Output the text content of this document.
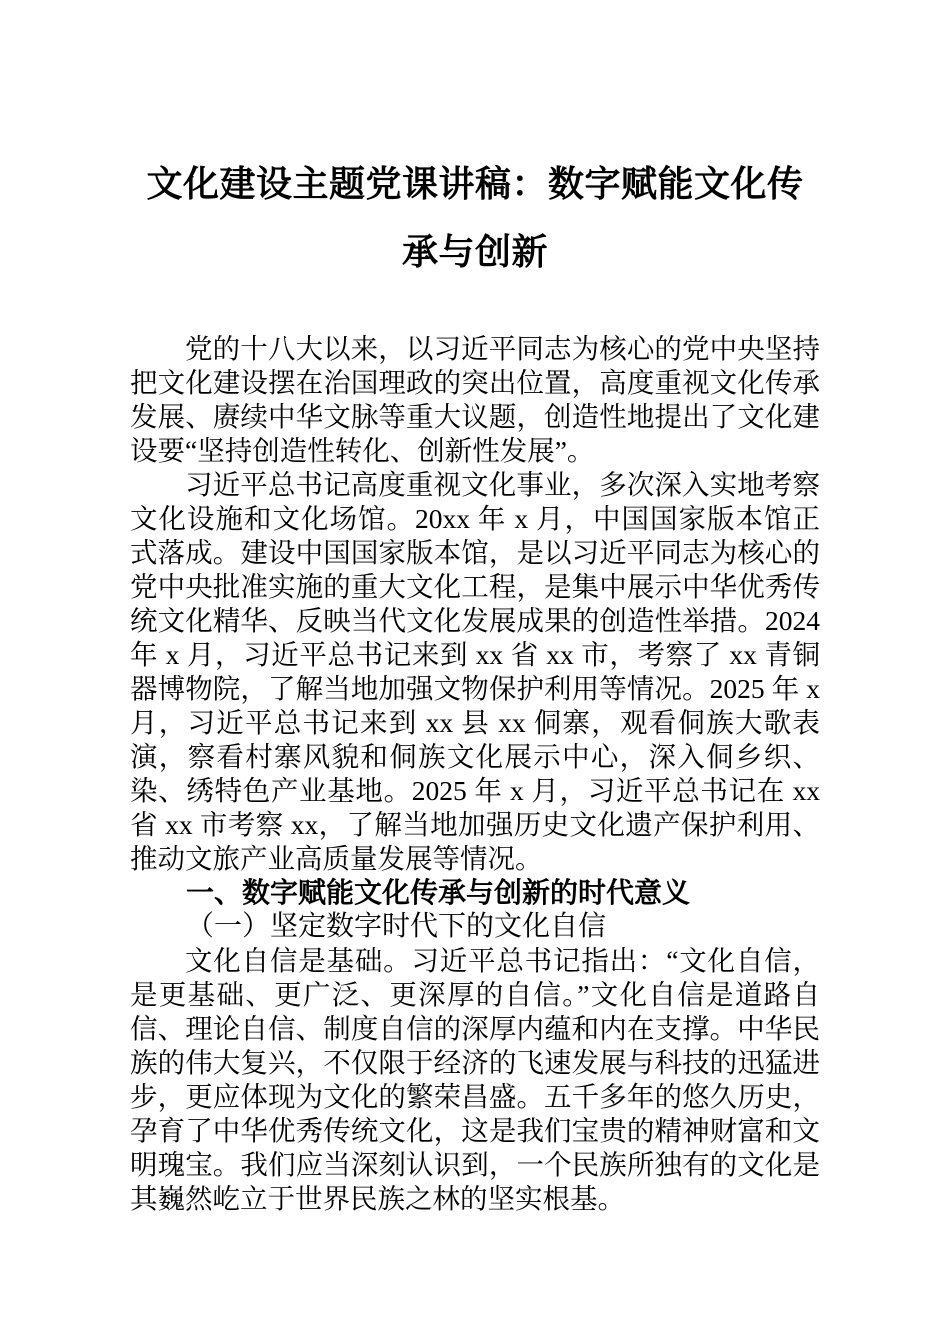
文化建设主题党课讲稿：数字赋能文化传承与创新

党的十八大以来，以习近平同志为核心的党中央坚持把文化建设摆在治国理政的突出位置，高度重视文化传承发展、赓续中华文脉等重大议题，创造性地提出了文化建设要“坚持创造性转化、创新性发展”。

习近平总书记高度重视文化事业，多次深入实地考察文化设施和文化场馆。20xx 年 x 月，中国国家版本馆正式落成。建设中国国家版本馆，是以习近平同志为核心的党中央批准实施的重大文化工程，是集中展示中华优秀传统文化精华、反映当代文化发展成果的创造性举措。2024 年 x 月，习近平总书记来到 xx 省 xx 市，考察了 xx 青铜器博物院，了解当地加强文物保护利用等情况。2025 年 x 月，习近平总书记来到 xx 县 xx 侗寨，观看侗族大歌表演，察看村寨风貌和侗族文化展示中心，深入侗乡织、染、绣特色产业基地。2025 年 x 月，习近平总书记在 xx 省 xx 市考察 xx，了解当地加强历史文化遗产保护利用、推动文旅产业高质量发展等情况。

一、数字赋能文化传承与创新的时代意义

（一）坚定数字时代下的文化自信

文化自信是基础。习近平总书记指出：“文化自信，是更基础、更广泛、更深厚的自信。”文化自信是道路自信、理论自信、制度自信的深厚内蕴和内在支撑。中华民族的伟大复兴，不仅限于经济的飞速发展与科技的迅猛进步，更应体现为文化的繁荣昌盛。五千多年的悠久历史，孕育了中华优秀传统文化，这是我们宝贵的精神财富和文明瑰宝。我们应当深刻认识到，一个民族所独有的文化是其巍然屹立于世界民族之林的坚实根基。
